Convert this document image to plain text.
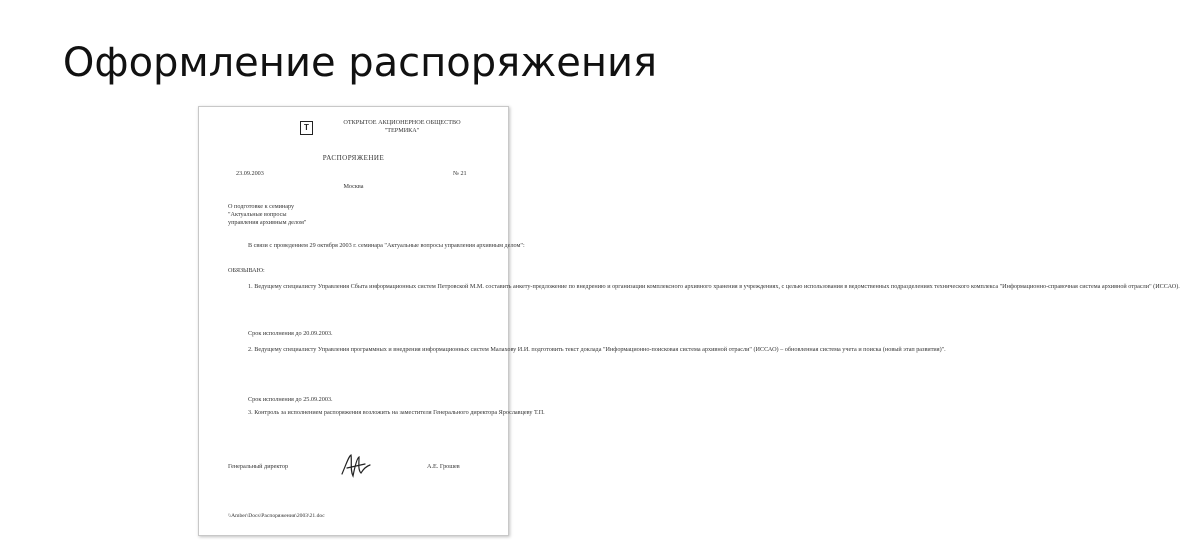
Оформление распоряжения
Т
ОТКРЫТОЕ АКЦИОНЕРНОЕ ОБЩЕСТВО
"ТЕРМИКА"
РАСПОРЯЖЕНИЕ
23.09.2003	№ 21
Москва
О подготовке к семинару
"Актуальные вопросы
управления архивным делом"
В связи с проведением 29 октября 2003 г. семинара "Актуальные вопросы управления архивным делом":
ОБЯЗЫВАЮ:
1. Ведущему специалисту Управления Сбыта информационных систем Петровской М.М. составить анкету-предложение по внедрению и организации комплексного архивного хранения в учреждениях, с целью использования в ведомственных подразделениях технического комплекса "Информационно-справочная система архивной отрасли" (ИССАО).
Срок исполнения до 20.09.2003.
2. Ведущему специалисту Управления программных и внедрения информационных систем Малахову И.И. подготовить текст доклада "Информационно-поисковая система архивной отрасли" (ИССАО) – обновленная система учета и поиска (новый этап развития)".
Срок исполнения до 25.09.2003.
3. Контроль за исполнением распоряжения возложить на заместителя Генерального директора Ярославцеву Т.П.
Генеральный директор	А.Е. Грошев
\\Amber\Docs\Распоряжения\2003\21.doc
